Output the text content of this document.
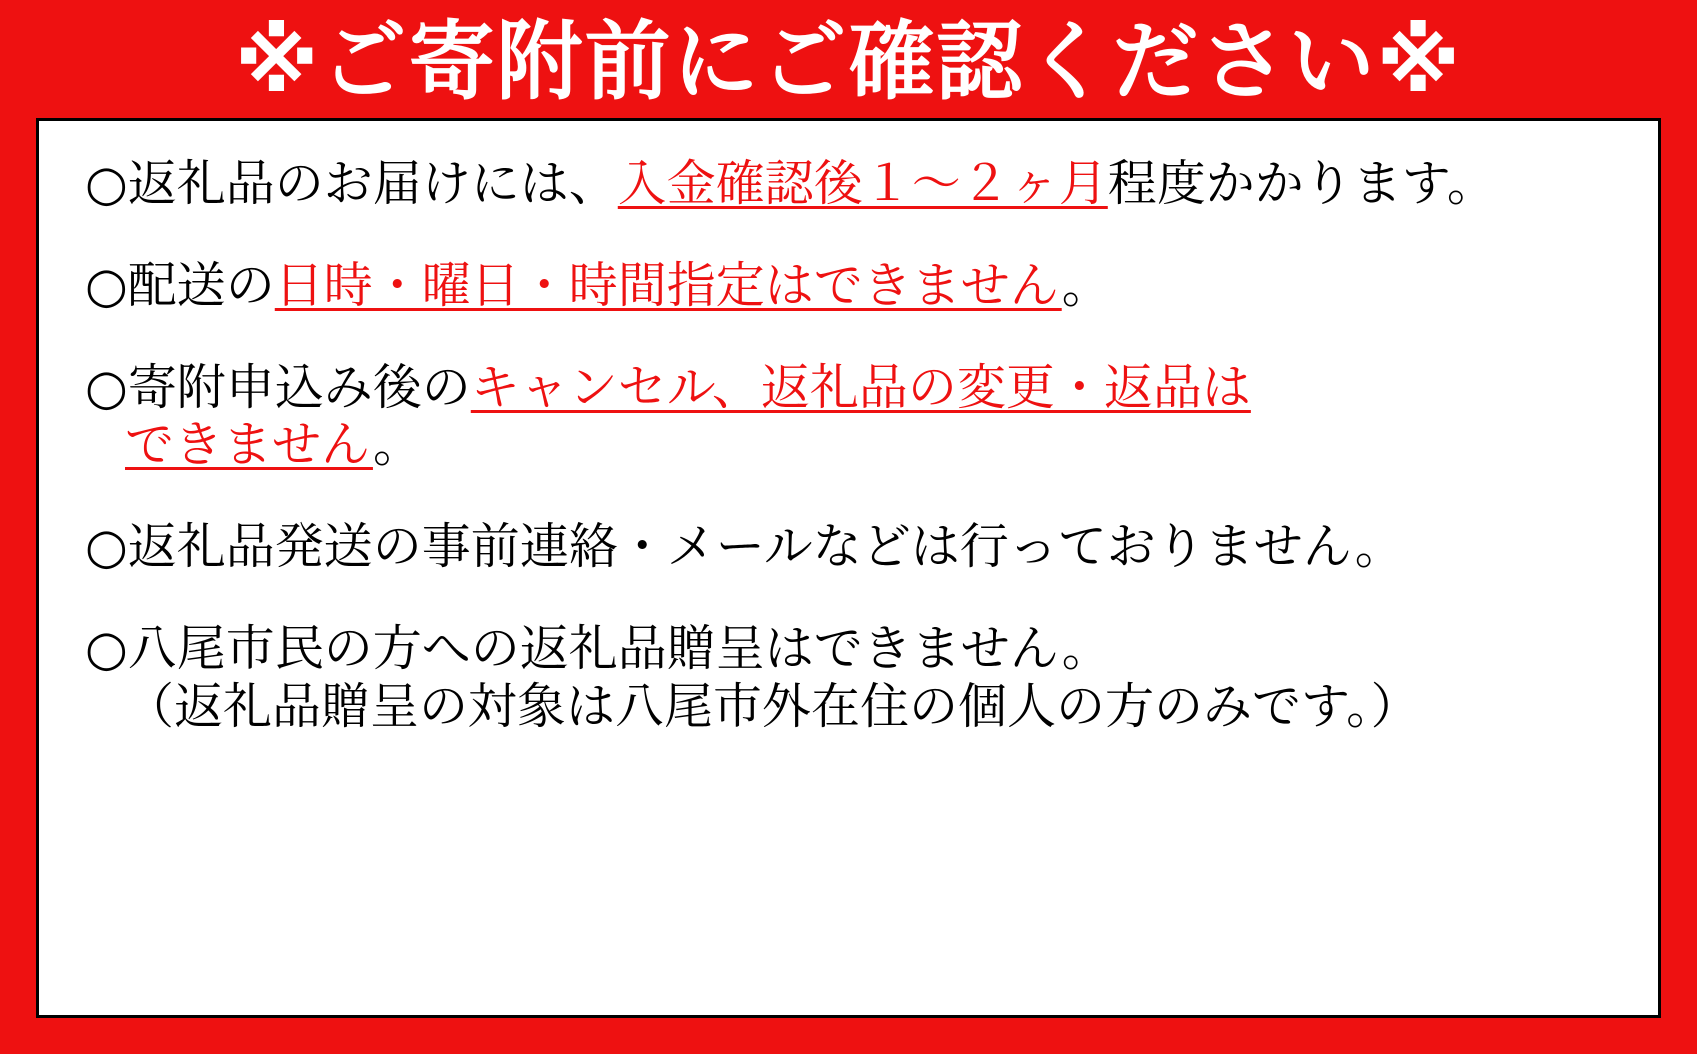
※ご寄附前にご確認ください※
○返礼品のお届けには、入金確認後１～２ヶ月程度かかります。
○配送の日時・曜日・時間指定はできません。
○寄附申込み後のキャンセル、返礼品の変更・返品は
できません。
○返礼品発送の事前連絡・メールなどは行っておりません。
○八尾市民の方への返礼品贈呈はできません。
（返礼品贈呈の対象は八尾市外在住の個人の方のみです。）
